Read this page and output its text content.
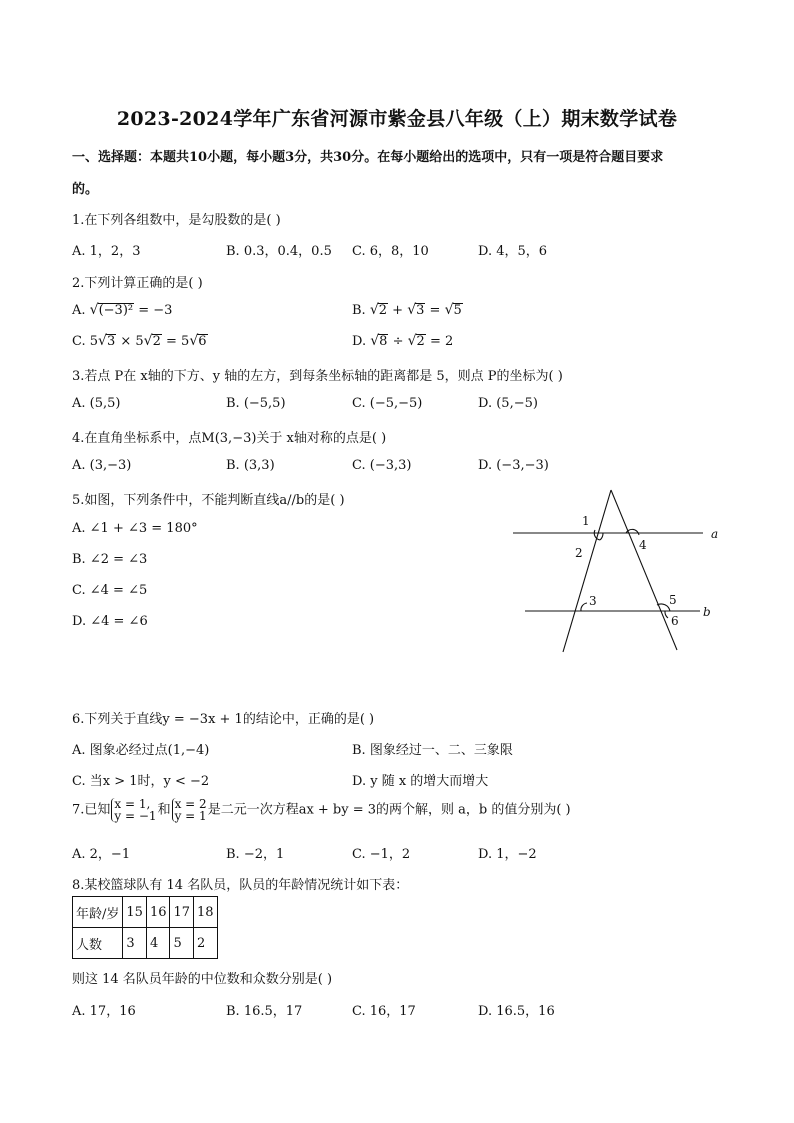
2023-2024学年广东省河源市紫金县八年级（上）期末数学试卷
一、选择题：本题共10小题，每小题3分，共30分。在每小题给出的选项中，只有一项是符合题目要求
的。
1.在下列各组数中，是勾股数的是( )
A. 1，2，3	B. 0.3，0.4，0.5 C. 6，8，10	D. 4，5，6
2.下列计算正确的是( )
A. √(−3)² = −3	B. √2 + √3 = √5
C. 5√3 × 5√2 = 5√6	D. √8 ÷ √2 = 2
3.若点 P在 x轴的下方、y 轴的左方，到每条坐标轴的距离都是 5，则点 P的坐标为( )
A. (5,5)	B. (−5,5)	C. (−5,−5)	D. (5,−5)
4.在直角坐标系中，点M(3,−3)关于 x轴对称的点是( )
A. (3,−3)	B. (3,3)	C. (−3,3)	D. (−3,−3)
5.如图，下列条件中，不能判断直线a//b的是( )
A. ∠1 + ∠3 = 180°
B. ∠2 = ∠3
C. ∠4 = ∠5
D. ∠4 = ∠6
1
2
3
4
5
6
a
b
6.下列关于直线y = −3x + 1的结论中，正确的是( )
A. 图象必经过点(1,−4)	B. 图象经过一、二、三象限
C. 当x > 1时，y < −2	D. y 随 x 的增大而增大
7.已知 x = 1,
y = −1和 x = 2
y = 1是二元一次方程ax + by = 3的两个解，则 a，b 的值分别为( )
A. 2，−1	B. −2，1	C. −1，2	D. 1，−2
8.某校篮球队有 14 名队员，队员的年龄情况统计如下表：
年龄/岁	15	16	17	18
人数	3	4	5	2
则这 14 名队员年龄的中位数和众数分别是( )
A. 17，16	B. 16.5，17	C. 16，17	D. 16.5，16
